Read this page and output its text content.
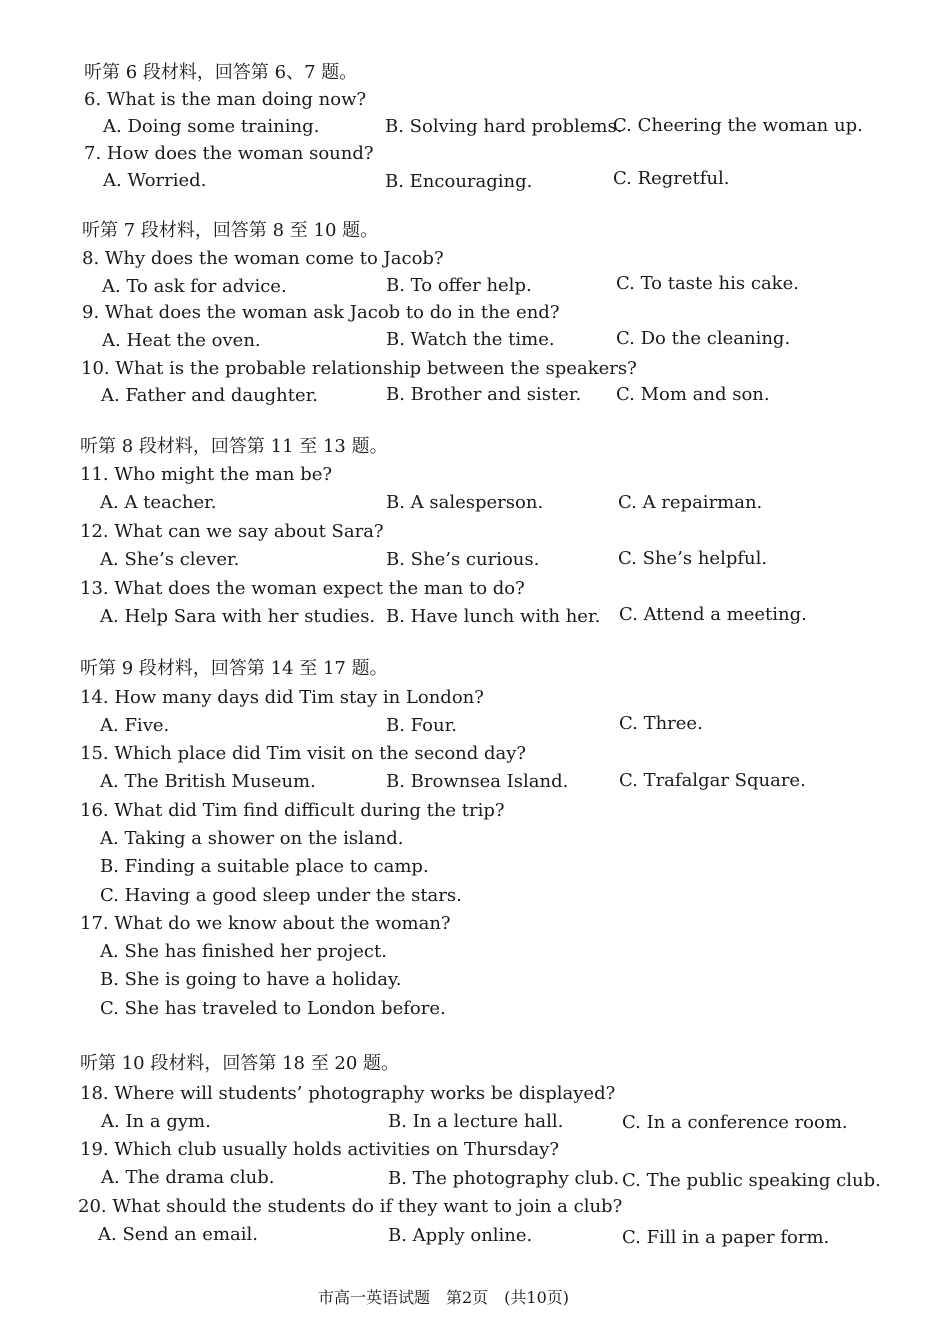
听第 6 段材料，回答第 6、7 题。
6. What is the man doing now?
A. Doing some training.	B. Solving hard problems.
C. Cheering the woman up.
7. How does the woman sound?
A. Worried.	B. Encouraging.	C. Regretful.
听第 7 段材料，回答第 8 至 10 题。
8. Why does the woman come to Jacob?
A. To ask for advice.	B. To offer help.	C. To taste his cake.
9. What does the woman ask Jacob to do in the end?
A. Heat the oven.	B. Watch the time.	C. Do the cleaning.
10. What is the probable relationship between the speakers?
A. Father and daughter.	B. Brother and sister. C. Mom and son.
听第 8 段材料，回答第 11 至 13 题。
11. Who might the man be?
A. A teacher.	B. A salesperson.	C. A repairman.
12. What can we say about Sara?
A. She’s clever.	B. She’s curious.	C. She’s helpful.
13. What does the woman expect the man to do?
A. Help Sara with her studies. B. Have lunch with her. C. Attend a meeting.
听第 9 段材料，回答第 14 至 17 题。
14. How many days did Tim stay in London?
A. Five.	B. Four.	C. Three.
15. Which place did Tim visit on the second day?
A. The British Museum.	B. Brownsea Island.	C. Trafalgar Square.
16. What did Tim find difficult during the trip?
A. Taking a shower on the island.
B. Finding a suitable place to camp.
C. Having a good sleep under the stars.
17. What do we know about the woman?
A. She has finished her project.
B. She is going to have a holiday.
C. She has traveled to London before.
听第 10 段材料，回答第 18 至 20 题。
18. Where will students’ photography works be displayed?
A. In a gym.	B. In a lecture hall.	C. In a conference room.
19. Which club usually holds activities on Thursday?
A. The drama club.	B. The photography club. C. The public speaking club.
20. What should the students do if they want to join a club?
A. Send an email.	B. Apply online.	C. Fill in a paper form.
市高一英语试题　第2页　(共10页)
